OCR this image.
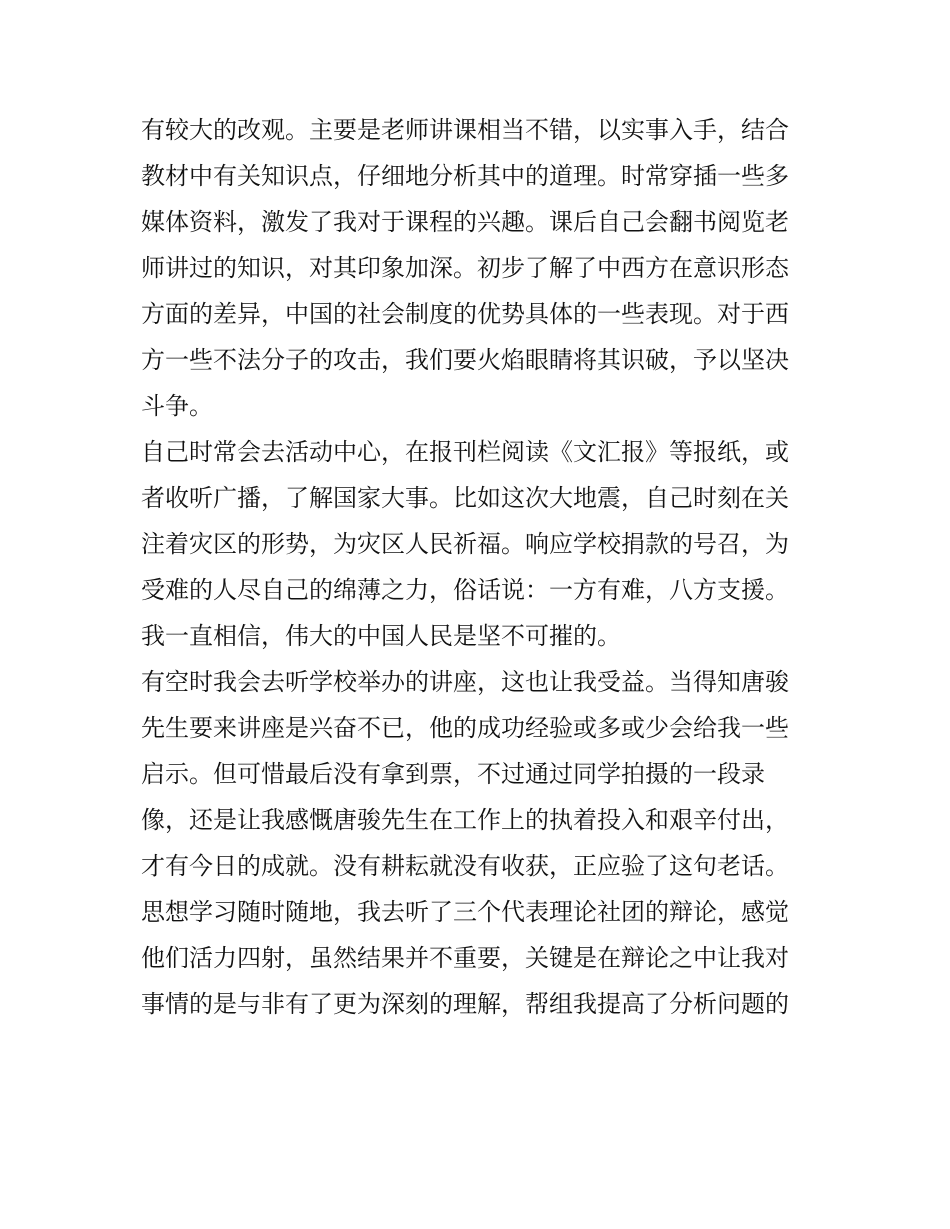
有较大的改观。主要是老师讲课相当不错，以实事入手，结合
教材中有关知识点，仔细地分析其中的道理。时常穿插一些多
媒体资料，激发了我对于课程的兴趣。课后自己会翻书阅览老
师讲过的知识，对其印象加深。初步了解了中西方在意识形态
方面的差异，中国的社会制度的优势具体的一些表现。对于西
方一些不法分子的攻击，我们要火焰眼睛将其识破，予以坚决
斗争。
自己时常会去活动中心，在报刊栏阅读《文汇报》等报纸，或
者收听广播，了解国家大事。比如这次大地震，自己时刻在关
注着灾区的形势，为灾区人民祈福。响应学校捐款的号召，为
受难的人尽自己的绵薄之力，俗话说：一方有难，八方支援。
我一直相信，伟大的中国人民是坚不可摧的。
有空时我会去听学校举办的讲座，这也让我受益。当得知唐骏
先生要来讲座是兴奋不已，他的成功经验或多或少会给我一些
启示。但可惜最后没有拿到票，不过通过同学拍摄的一段录
像，还是让我感慨唐骏先生在工作上的执着投入和艰辛付出，
才有今日的成就。没有耕耘就没有收获，正应验了这句老话。
思想学习随时随地，我去听了三个代表理论社团的辩论，感觉
他们活力四射，虽然结果并不重要，关键是在辩论之中让我对
事情的是与非有了更为深刻的理解，帮组我提高了分析问题的
